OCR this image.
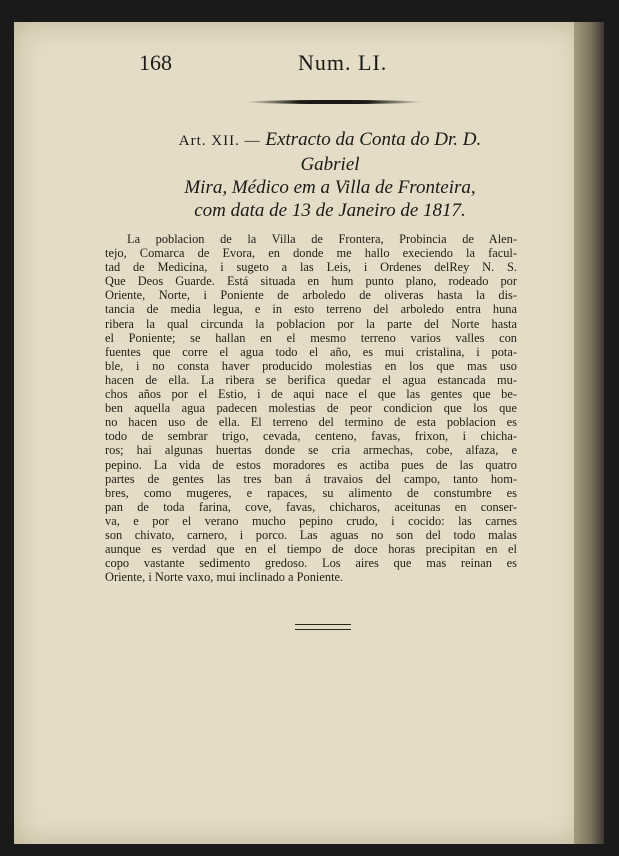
168	Num. LI.
Art. XII. — Extracto da Conta do Dr. D. Gabriel
Mira, Médico em a Villa de Fronteira,
com data de 13 de Janeiro de 1817.
La poblacion de la Villa de Frontera, Probincia de Alen-
tejo, Comarca de Evora, en donde me hallo execiendo la facul-
tad de Medicina, i sugeto a las Leis, i Ordenes delRey N. S.
Que Deos Guarde. Está situada en hum punto plano, rodeado por
Oriente, Norte, i Poniente de arboledo de oliveras hasta la dis-
tancia de media legua, e in esto terreno del arboledo entra huna
ribera la qual circunda la poblacion por la parte del Norte hasta
el Poniente; se hallan en el mesmo terreno varios valles con
fuentes que corre el agua todo el año, es mui cristalina, i pota-
ble, i no consta haver producido molestias en los que mas uso
hacen de ella. La ribera se berifica quedar el agua estancada mu-
chos años por el Estio, i de aqui nace el que las gentes que be-
ben aquella agua padecen molestias de peor condicion que los que
no hacen uso de ella. El terreno del termino de esta poblacion es
todo de sembrar trigo, cevada, centeno, favas, frixon, i chicha-
ros; hai algunas huertas donde se cria armechas, cobe, alfaza, e
pepino. La vida de estos moradores es actiba pues de las quatro
partes de gentes las tres ban á travaios del campo, tanto hom-
bres, como mugeres, e rapaces, su alimento de constumbre es
pan de toda farina, cove, favas, chicharos, aceitunas en conser-
va, e por el verano mucho pepino crudo, i cocido: las carnes
son chivato, carnero, i porco. Las aguas no son del todo malas
aunque es verdad que en el tiempo de doce horas precipitan en el
copo vastante sedimento gredoso. Los aires que mas reinan es
Oriente, i Norte vaxo, mui inclinado a Poniente.
